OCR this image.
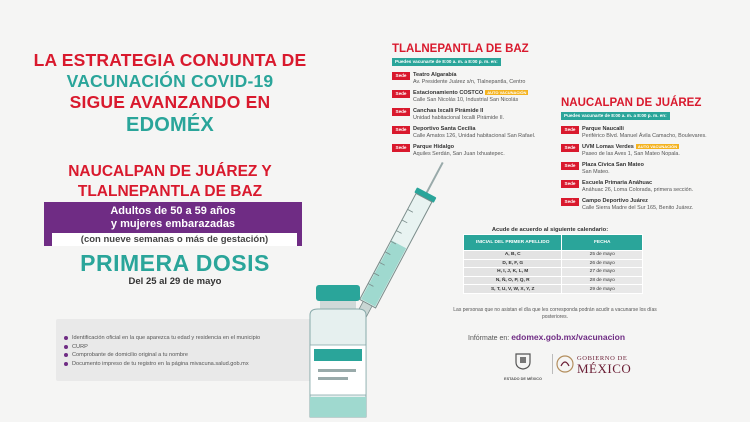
LA ESTRATEGIA CONJUNTA DE
VACUNACIÓN COVID-19
SIGUE AVANZANDO EN
EDOMÉX
NAUCALPAN DE JUÁREZ Y
TLALNEPANTLA DE BAZ
Adultos de 50 a 59 años
y mujeres embarazadas
(con nueve semanas o más de gestación)
PRIMERA DOSIS
Del 25 al 29 de mayo
Identificación oficial en la que aparezca tu edad y residencia en el municipio
CURP
Comprobante de domicilio original a tu nombre
Documento impreso de tu registro en la página mivacuna.salud.gob.mx
TLALNEPANTLA DE BAZ
Puedes vacunarte de 8:00 a. m. a 8:00 p. m. en:
Sede	Teatro Algarabía
Av. Presidente Juárez s/n, Tlalnepantla, Centro
Sede	Estacionamiento COSTCO AUTO VACUNACIÓN
Calle San Nicolás 10, Industrial San Nicolás
Sede	Canchas Ixcalli Pirámide II
Unidad habitacional Ixcalli Pirámide II.
Sede	Deportivo Santa Cecilia
Calle Amatos 126, Unidad habitacional San Rafael.
Sede	Parque Hidalgo
Aquiles Serdán, San Juan Ixhuatepec.
NAUCALPAN DE JUÁREZ
Puedes vacunarte de 8:00 a. m. a 8:00 p. m. en:
Sede	Parque Naucalli
Periférico Blvd. Manuel Ávila Camacho, Boulevares.
Sede	UVM Lomas Verdes AUTO VACUNACIÓN
Paseo de las Aves 1, San Mateo Nopala.
Sede	Plaza Cívica San Mateo
San Mateo.
Sede	Escuela Primaria Anáhuac
Anáhuac 26, Loma Colorada, primera sección.
Sede	Campo Deportivo Juárez
Calle Sierra Madre del Sur 165, Benito Juárez.
Acude de acuerdo al siguiente calendario:
INICIAL DEL PRIMER APELLIDO	FECHA
A, B, C	25 de mayo
D, E, F, G	26 de mayo
H, I, J, K, L, M	27 de mayo
N, Ñ, O, P, Q, R	28 de mayo
S, T, U, V, W, X, Y, Z	29 de mayo
Las personas que no asistan el día que les corresponda podrán acudir a vacunarse los días posteriores.
Infórmate en: edomex.gob.mx/vacunacion
ESTADO DE MÉXICO
GOBIERNO DE
MÉXICO
